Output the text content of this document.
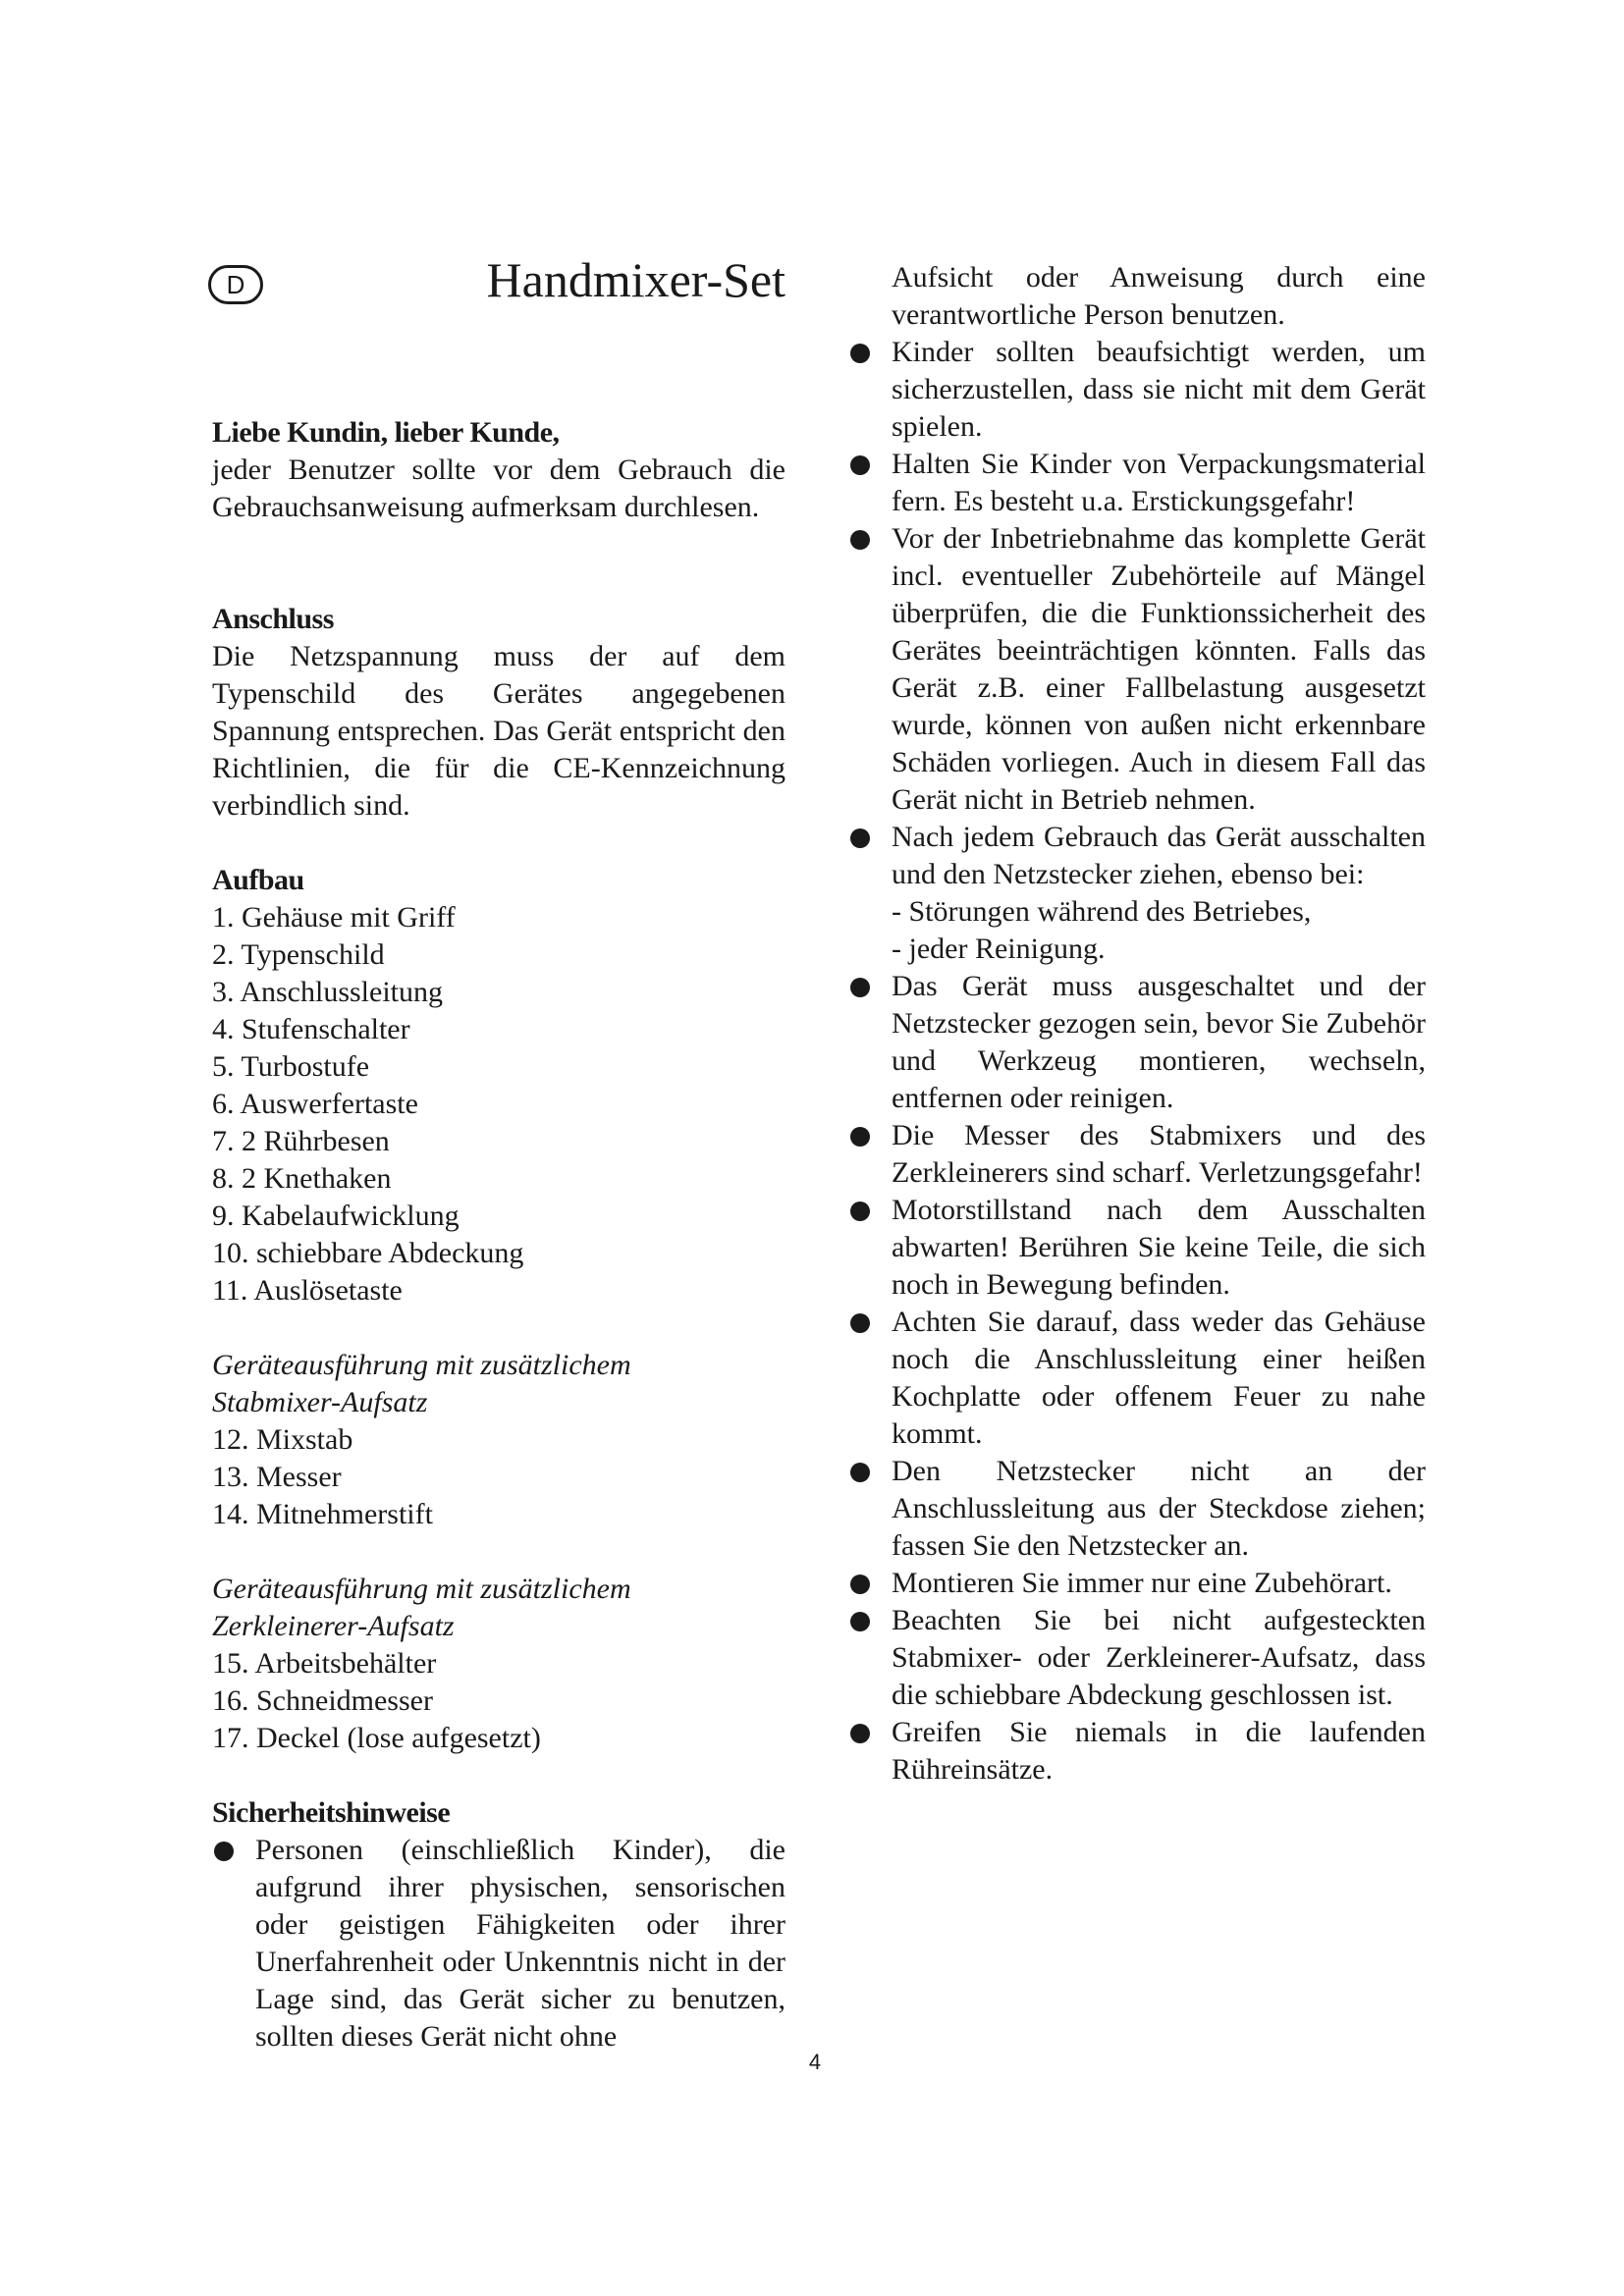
D	Handmixer-Set

Liebe Kundin, lieber Kunde,

jeder Benutzer sollte vor dem Gebrauch die Gebrauchsanweisung aufmerksam durchlesen.

Anschluss

Die Netzspannung muss der auf dem Typenschild des Gerätes angegebenen Spannung entsprechen. Das Gerät entspricht den Richtlinien, die für die CE-Kennzeichnung verbindlich sind.

Aufbau

1. Gehäuse mit Griff
2. Typenschild
3. Anschlussleitung
4. Stufenschalter
5. Turbostufe
6. Auswerfertaste
7. 2 Rührbesen
8. 2 Knethaken
9. Kabelaufwicklung
10. schiebbare Abdeckung
11. Auslösetaste

Geräteausführung mit zusätzlichem

Stabmixer-Aufsatz

12. Mixstab
13. Messer
14. Mitnehmerstift

Geräteausführung mit zusätzlichem

Zerkleinerer-Aufsatz

15. Arbeitsbehälter
16. Schneidmesser
17. Deckel (lose aufgesetzt)

Sicherheitshinweise

Personen (einschließlich Kinder), die aufgrund ihrer physischen, sensorischen oder geistigen Fähigkeiten oder ihrer Unerfahrenheit oder Unkenntnis nicht in der Lage sind, das Gerät sicher zu benutzen, sollten dieses Gerät nicht ohne

Aufsicht oder Anweisung durch eine verantwortliche Person benutzen.

Kinder sollten beaufsichtigt werden, um sicherzustellen, dass sie nicht mit dem Gerät spielen.
Halten Sie Kinder von Verpackungsmaterial fern. Es besteht u.a. Erstickungsgefahr!
Vor der Inbetriebnahme das komplette Gerät incl. eventueller Zubehörteile auf Mängel überprüfen, die die Funktionssicherheit des Gerätes beeinträchtigen könnten. Falls das Gerät z.B. einer Fallbelastung ausgesetzt wurde, können von außen nicht erkennbare Schäden vorliegen. Auch in diesem Fall das Gerät nicht in Betrieb nehmen.
Nach jedem Gebrauch das Gerät ausschalten und den Netzstecker ziehen, ebenso bei:
- Störungen während des Betriebes,
- jeder Reinigung.
Das Gerät muss ausgeschaltet und der Netzstecker gezogen sein, bevor Sie Zubehör und Werkzeug montieren, wechseln, entfernen oder reinigen.
Die Messer des Stabmixers und des Zerkleinerers sind scharf. Verletzungsgefahr!
Motorstillstand nach dem Ausschalten abwarten! Berühren Sie keine Teile, die sich noch in Bewegung befinden.
Achten Sie darauf, dass weder das Gehäuse noch die Anschlussleitung einer heißen Kochplatte oder offenem Feuer zu nahe kommt.
Den Netzstecker nicht an der Anschlussleitung aus der Steckdose ziehen; fassen Sie den Netzstecker an.
Montieren Sie immer nur eine Zubehörart.
Beachten Sie bei nicht aufgesteckten Stabmixer- oder Zerkleinerer-Aufsatz, dass die schiebbare Abdeckung geschlossen ist.
Greifen Sie niemals in die laufenden Rühreinsätze.
4
